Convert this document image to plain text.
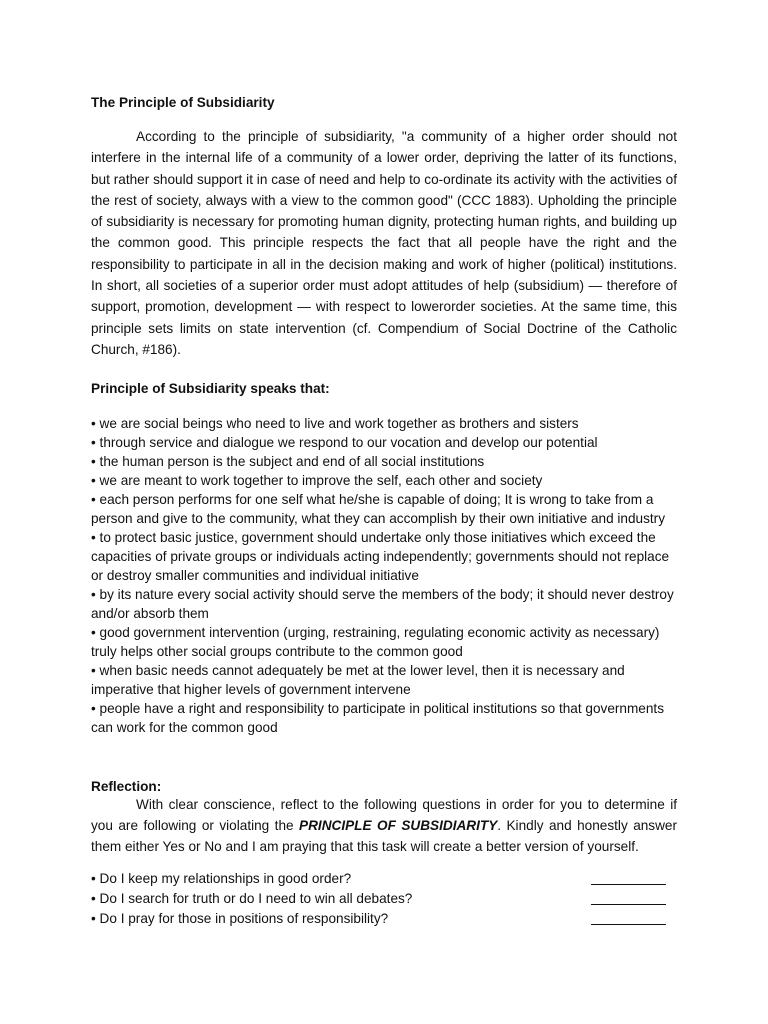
The Principle of Subsidiarity
According to the principle of subsidiarity, "a community of a higher order should not interfere in the internal life of a community of a lower order, depriving the latter of its functions, but rather should support it in case of need and help to co-ordinate its activity with the activities of the rest of society, always with a view to the common good" (CCC 1883). Upholding the principle of subsidiarity is necessary for promoting human dignity, protecting human rights, and building up the common good. This principle respects the fact that all people have the right and the responsibility to participate in all in the decision making and work of higher (political) institutions. In short, all societies of a superior order must adopt attitudes of help (subsidium) — therefore of support, promotion, development — with respect to lowerorder societies. At the same time, this principle sets limits on state intervention (cf. Compendium of Social Doctrine of the Catholic Church, #186).
Principle of Subsidiarity speaks that:

• we are social beings who need to live and work together as brothers and sisters

• through service and dialogue we respond to our vocation and develop our potential

• the human person is the subject and end of all social institutions

• we are meant to work together to improve the self, each other and society

• each person performs for one self what he/she is capable of doing; It is wrong to take from a person and give to the community, what they can accomplish by their own initiative and industry

• to protect basic justice, government should undertake only those initiatives which exceed the capacities of private groups or individuals acting independently; governments should not replace or destroy smaller communities and individual initiative

• by its nature every social activity should serve the members of the body; it should never destroy and/or absorb them

• good government intervention (urging, restraining, regulating economic activity as necessary) truly helps other social groups contribute to the common good

• when basic needs cannot adequately be met at the lower level, then it is necessary and imperative that higher levels of government intervene

• people have a right and responsibility to participate in political institutions so that governments can work for the common good

Reflection:
With clear conscience, reflect to the following questions in order for you to determine if you are following or violating the PRINCIPLE OF SUBSIDIARITY. Kindly and honestly answer them either Yes or No and I am praying that this task will create a better version of yourself.
• Do I keep my relationships in good order?
• Do I search for truth or do I need to win all debates?
• Do I pray for those in positions of responsibility?
